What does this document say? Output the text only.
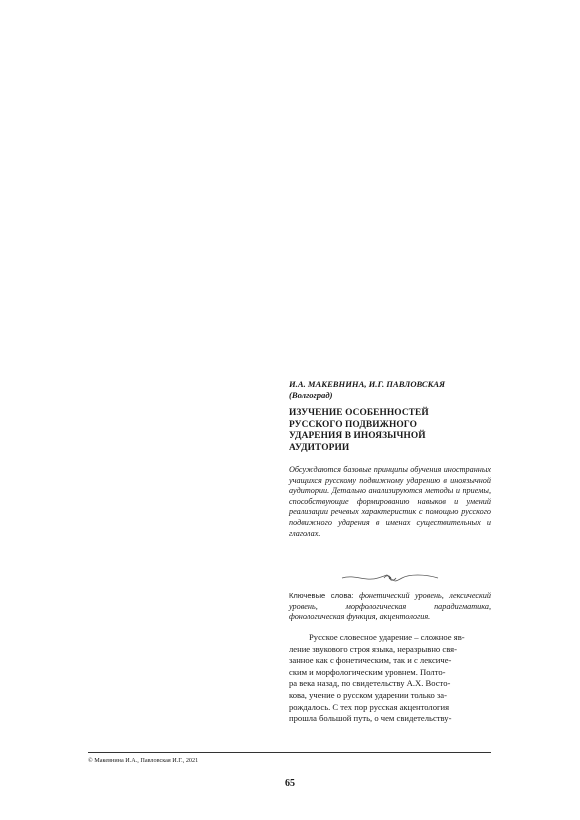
И.А. МАКЕВНИНА, И.Г. ПАВЛОВСКАЯ
(Волгоград)
ИЗУЧЕНИЕ ОСОБЕННОСТЕЙ
РУССКОГО ПОДВИЖНОГО
УДАРЕНИЯ В ИНОЯЗЫЧНОЙ
АУДИТОРИИ
Обсуждаются базовые принципы обучения иностранных учащихся русскому подвижному ударению в иноязычной аудитории. Детально анализируются методы и приемы, способствующие формированию навыков и умений реализации речевых характеристик с помощью русского подвижного ударения в именах существительных и глаголах.
Ключевые слова: фонетический уровень, лексический уровень, морфологическая парадигматика, фонологическая функция, акцентология.
Русское словесное ударение – сложное яв-
ление звукового строя языка, неразрывно свя-
занное как с фонетическим, так и с лексиче-
ским и морфологическим уровнем. Полто-
ра века назад, по свидетельству А.Х. Восто-
кова, учение о русском ударении только за-
рождалось. С тех пор русская акцентология
прошла большой путь, о чем свидетельству-
© Макевнина И.А., Павловская И.Г., 2021
65
